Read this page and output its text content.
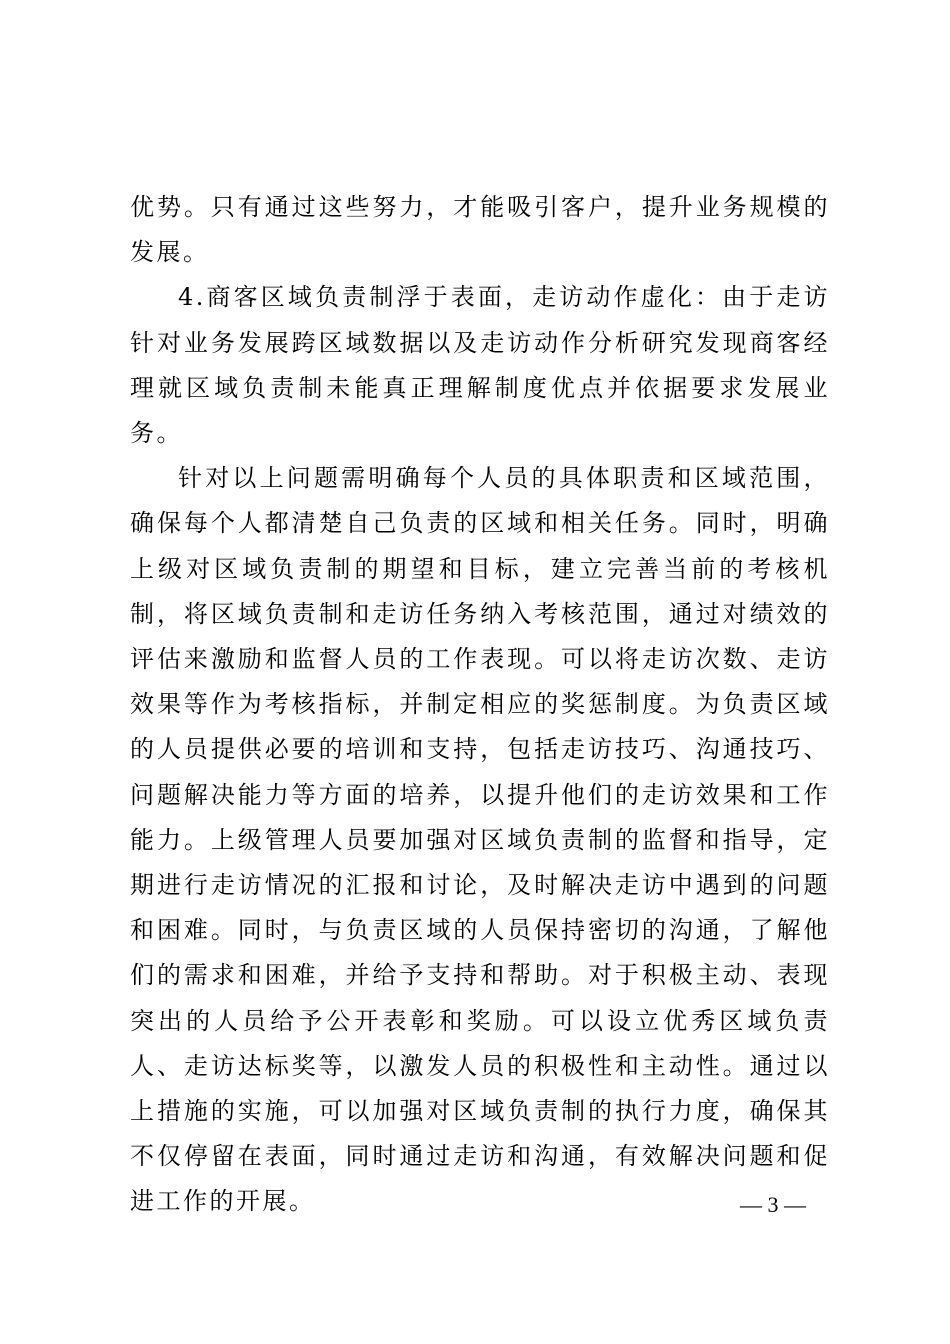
优势。只有通过这些努力，才能吸引客户，提升业务规模的发展。

4.商客区域负责制浮于表面，走访动作虚化：由于走访针对业务发展跨区域数据以及走访动作分析研究发现商客经理就区域负责制未能真正理解制度优点并依据要求发展业务。

针对以上问题需明确每个人员的具体职责和区域范围，确保每个人都清楚自己负责的区域和相关任务。同时，明确上级对区域负责制的期望和目标，建立完善当前的考核机制，将区域负责制和走访任务纳入考核范围，通过对绩效的评估来激励和监督人员的工作表现。可以将走访次数、走访效果等作为考核指标，并制定相应的奖惩制度。为负责区域的人员提供必要的培训和支持，包括走访技巧、沟通技巧、问题解决能力等方面的培养，以提升他们的走访效果和工作能力。上级管理人员要加强对区域负责制的监督和指导，定期进行走访情况的汇报和讨论，及时解决走访中遇到的问题和困难。同时，与负责区域的人员保持密切的沟通，了解他们的需求和困难，并给予支持和帮助。对于积极主动、表现突出的人员给予公开表彰和奖励。可以设立优秀区域负责人、走访达标奖等，以激发人员的积极性和主动性。通过以上措施的实施，可以加强对区域负责制的执行力度，确保其不仅停留在表面，同时通过走访和沟通，有效解决问题和促进工作的开展。	— 3 —
